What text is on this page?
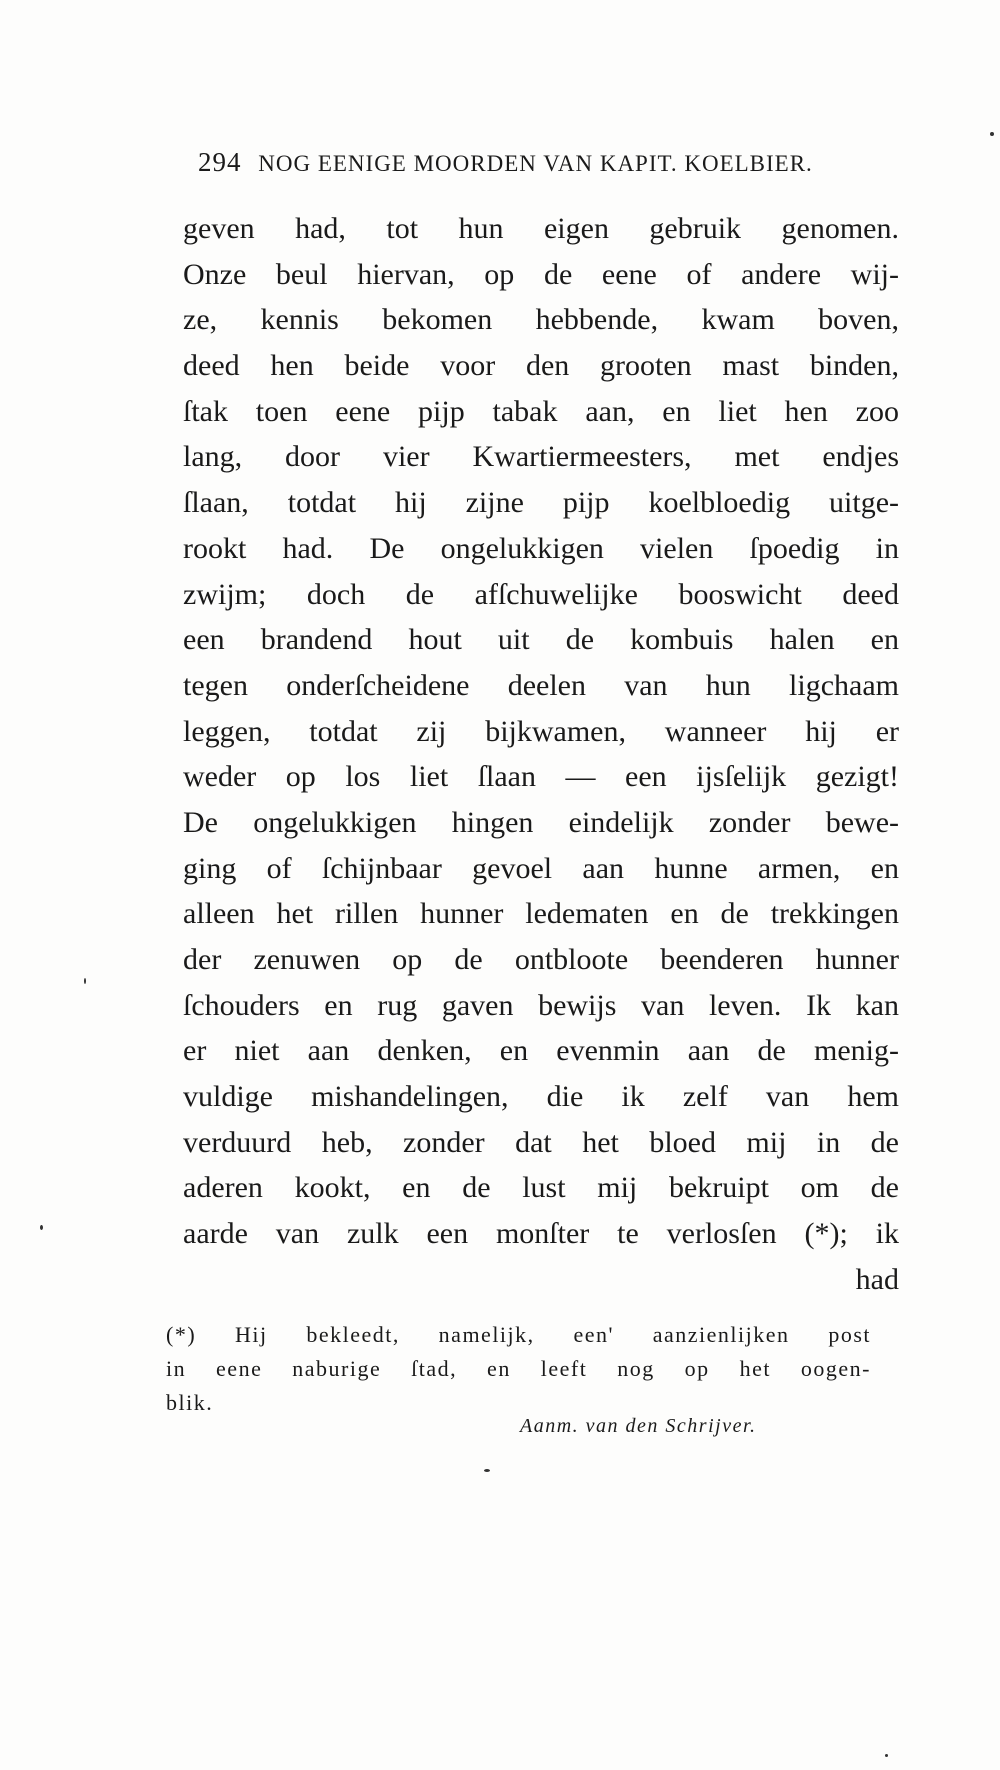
294 NOG EENIGE MOORDEN VAN KAPIT. KOELBIER.
geven had, tot hun eigen gebruik genomen.
Onze beul hiervan, op de eene of andere wij-
ze, kennis bekomen hebbende, kwam boven,
deed hen beide voor den grooten mast binden,
ſtak toen eene pijp tabak aan, en liet hen zoo
lang, door vier Kwartiermeesters, met endjes
ſlaan, totdat hij zijne pijp koelbloedig uitge-
rookt had. De ongelukkigen vielen ſpoedig in
zwijm; doch de afſchuwelijke booswicht deed
een brandend hout uit de kombuis halen en
tegen onderſcheidene deelen van hun ligchaam
leggen, totdat zij bijkwamen, wanneer hij er
weder op los liet ſlaan — een ijsſelijk gezigt!
De ongelukkigen hingen eindelijk zonder bewe-
ging of ſchijnbaar gevoel aan hunne armen, en
alleen het rillen hunner ledematen en de trekkingen
der zenuwen op de ontbloote beenderen hunner
ſchouders en rug gaven bewijs van leven. Ik kan
er niet aan denken, en evenmin aan de menig-
vuldige mishandelingen, die ik zelf van hem
verduurd heb, zonder dat het bloed mij in de
aderen kookt, en de lust mij bekruipt om de
aarde van zulk een monſter te verlosſen (*); ik
had
(*) Hij bekleedt, namelijk, een' aanzienlijken post
in eene naburige ſtad, en leeft nog op het oogen-
blik.
Aanm. van den Schrijver.
